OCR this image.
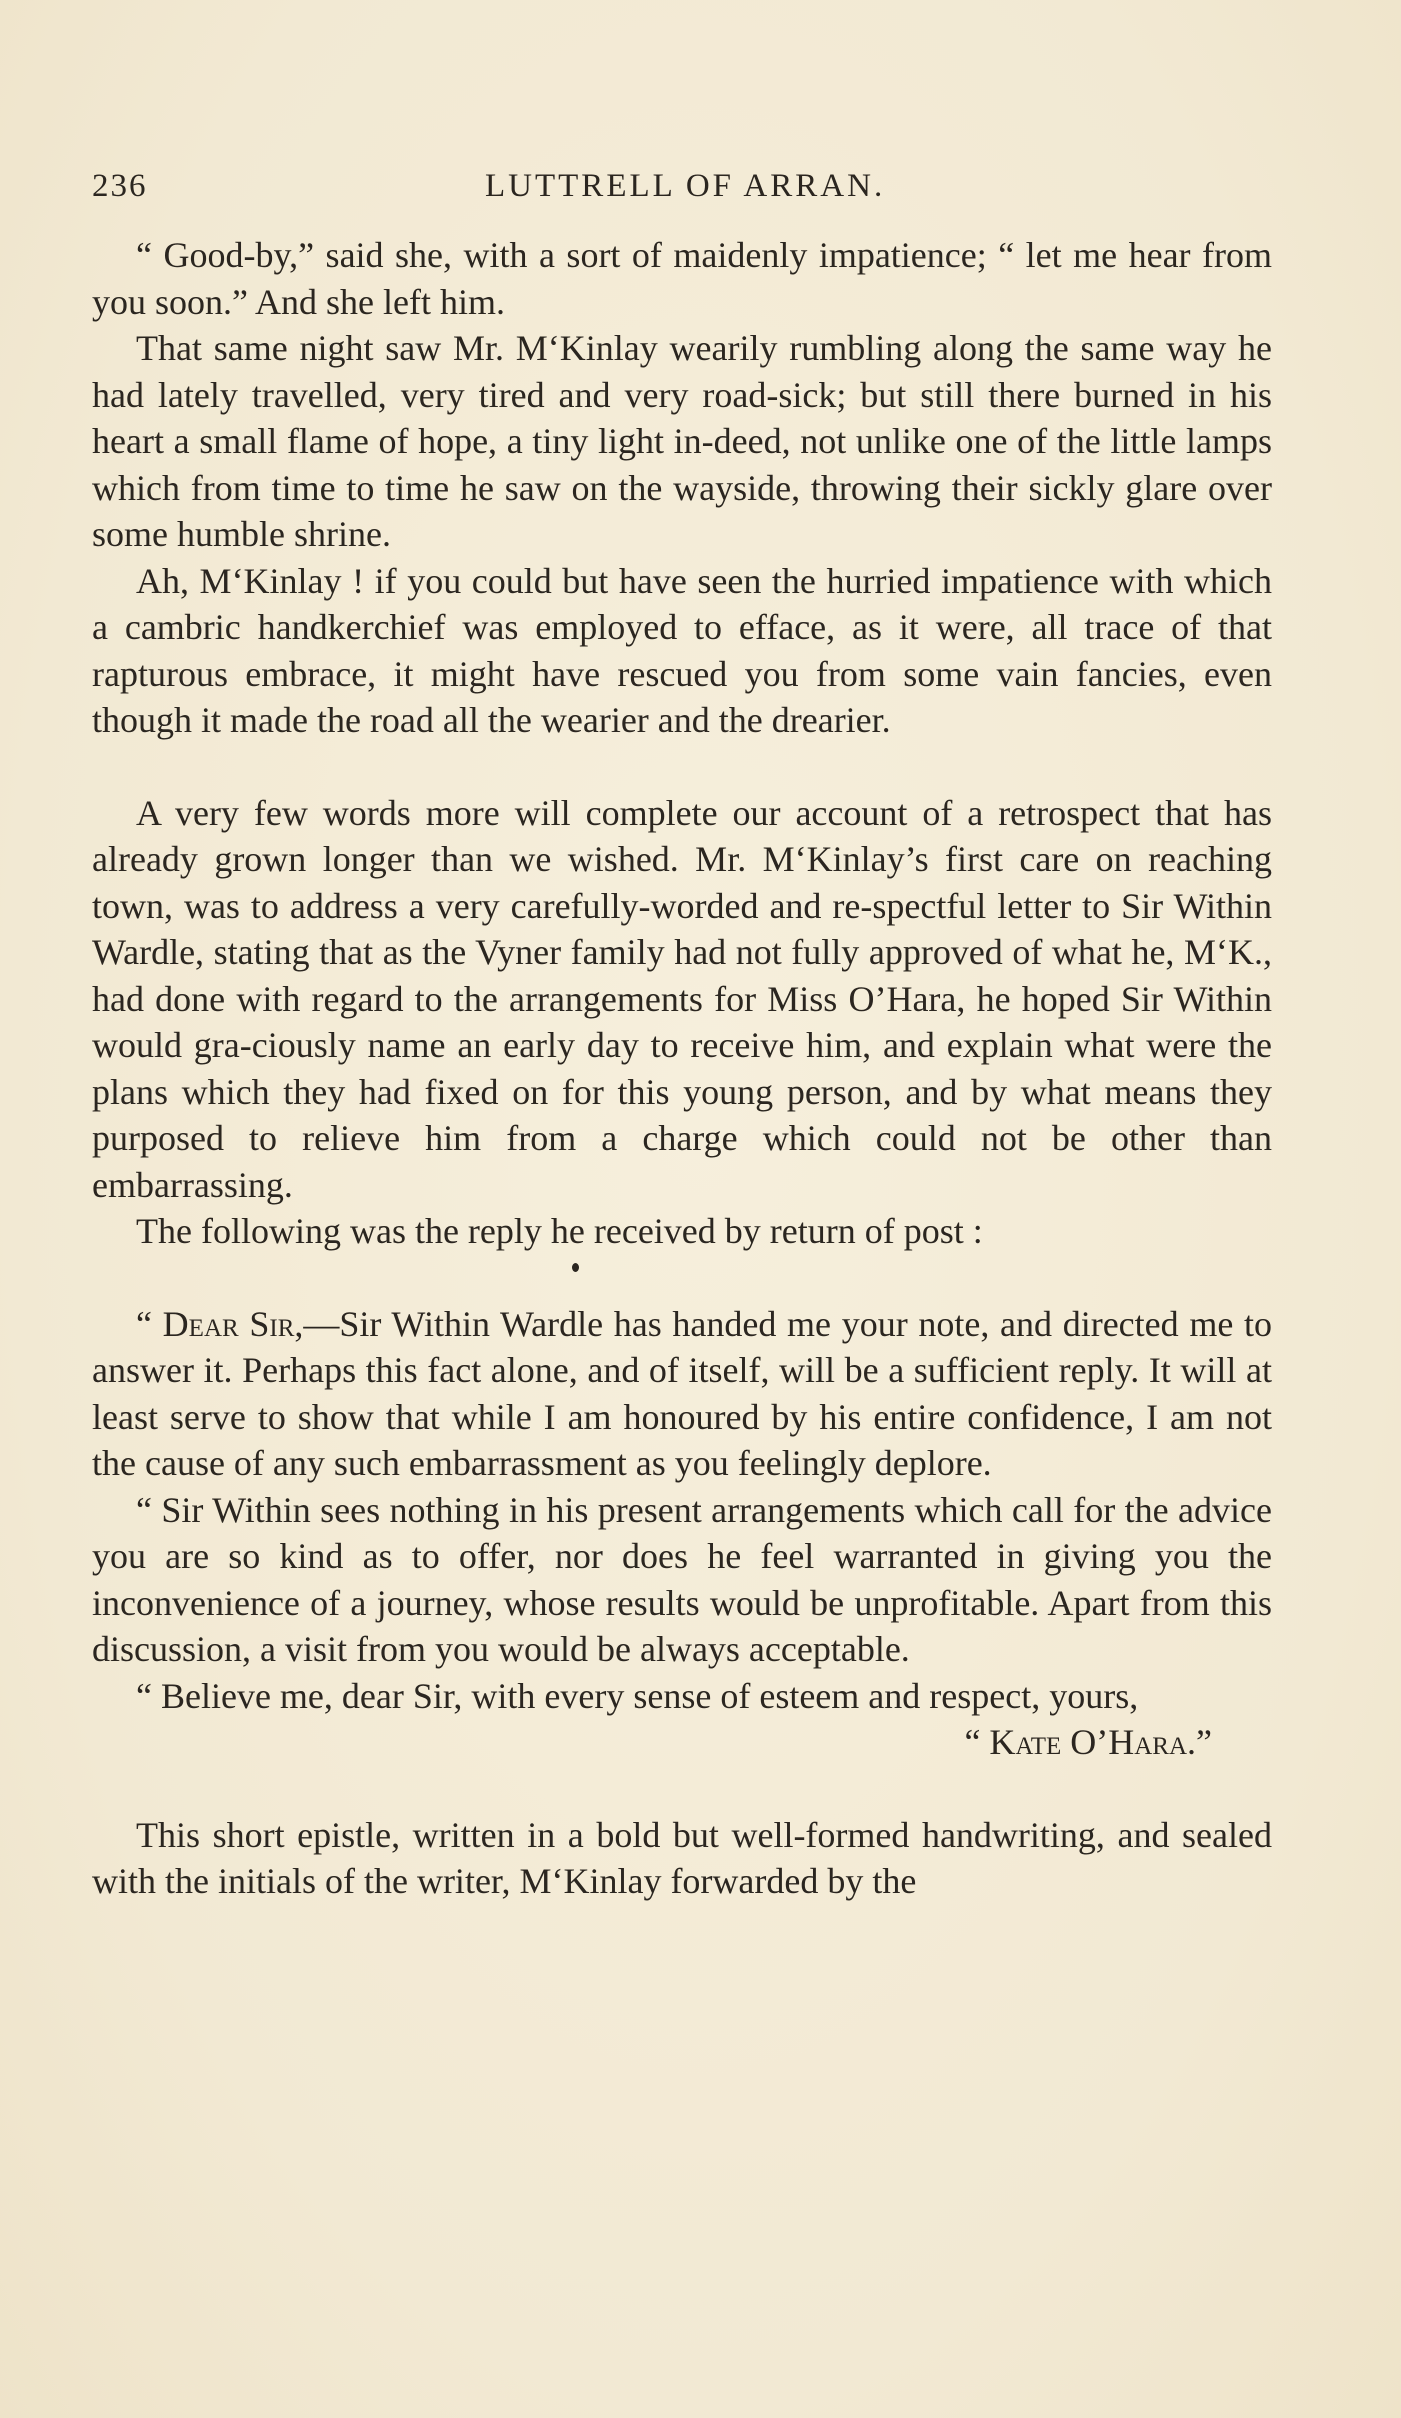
236	LUTTRELL OF ARRAN.

“ Good-by,” said she, with a sort of maidenly impatience; “ let me hear from you soon.” And she left him.

That same night saw Mr. M‘Kinlay wearily rumbling along the same way he had lately travelled, very tired and very road-sick; but still there burned in his heart a small flame of hope, a tiny light in-deed, not unlike one of the little lamps which from time to time he saw on the wayside, throwing their sickly glare over some humble shrine.

Ah, M‘Kinlay ! if you could but have seen the hurried impatience with which a cambric handkerchief was employed to efface, as it were, all trace of that rapturous embrace, it might have rescued you from some vain fancies, even though it made the road all the wearier and the drearier.

A very few words more will complete our account of a retrospect that has already grown longer than we wished. Mr. M‘Kinlay’s first care on reaching town, was to address a very carefully-worded and re-spectful letter to Sir Within Wardle, stating that as the Vyner family had not fully approved of what he, M‘K., had done with regard to the arrangements for Miss O’Hara, he hoped Sir Within would gra-ciously name an early day to receive him, and explain what were the plans which they had fixed on for this young person, and by what means they purposed to relieve him from a charge which could not be other than embarrassing.

The following was the reply he received by return of post :

“ Dear Sir,—Sir Within Wardle has handed me your note, and directed me to answer it. Perhaps this fact alone, and of itself, will be a sufficient reply. It will at least serve to show that while I am honoured by his entire confidence, I am not the cause of any such embarrassment as you feelingly deplore.

“ Sir Within sees nothing in his present arrangements which call for the advice you are so kind as to offer, nor does he feel warranted in giving you the inconvenience of a journey, whose results would be unprofitable. Apart from this discussion, a visit from you would be always acceptable.

“ Believe me, dear Sir, with every sense of esteem and respect, yours,

“ Kate O’Hara.”

This short epistle, written in a bold but well-formed handwriting, and sealed with the initials of the writer, M‘Kinlay forwarded by the
